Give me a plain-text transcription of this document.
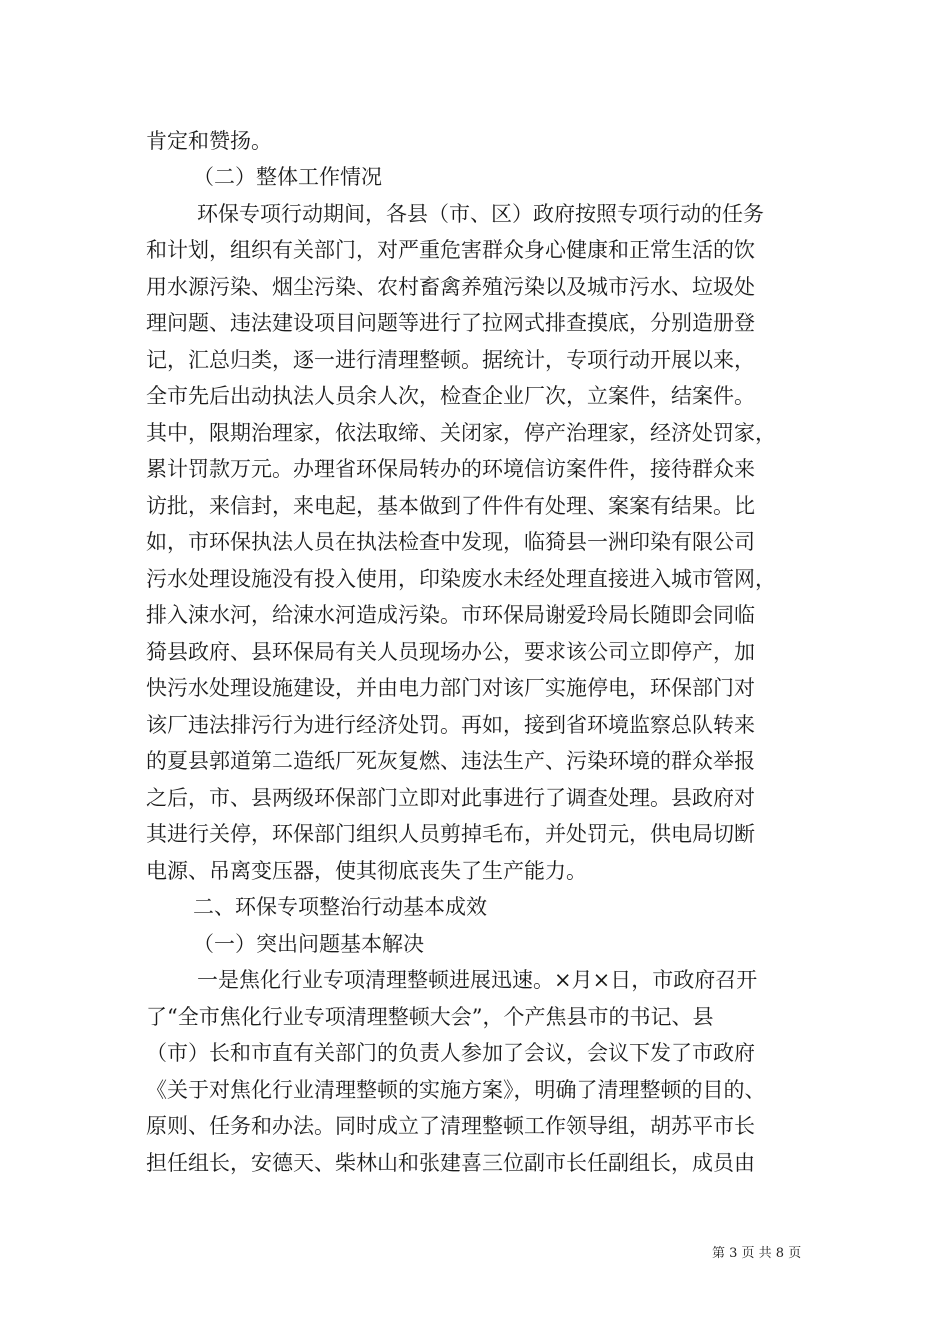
肯定和赞扬。
（二）整体工作情况
环保专项行动期间，各县（市、区）政府按照专项行动的任务
和计划，组织有关部门，对严重危害群众身心健康和正常生活的饮
用水源污染、烟尘污染、农村畜禽养殖污染以及城市污水、垃圾处
理问题、违法建设项目问题等进行了拉网式排查摸底，分别造册登
记，汇总归类，逐一进行清理整顿。据统计，专项行动开展以来，
全市先后出动执法人员余人次，检查企业厂次，立案件，结案件。
其中，限期治理家，依法取缔、关闭家，停产治理家，经济处罚家，
累计罚款万元。办理省环保局转办的环境信访案件件，接待群众来
访批，来信封，来电起，基本做到了件件有处理、案案有结果。比
如，市环保执法人员在执法检查中发现，临猗县一洲印染有限公司
污水处理设施没有投入使用，印染废水未经处理直接进入城市管网，
排入涑水河，给涑水河造成污染。市环保局谢爱玲局长随即会同临
猗县政府、县环保局有关人员现场办公，要求该公司立即停产，加
快污水处理设施建设，并由电力部门对该厂实施停电，环保部门对
该厂违法排污行为进行经济处罚。再如，接到省环境监察总队转来
的夏县郭道第二造纸厂死灰复燃、违法生产、污染环境的群众举报
之后，市、县两级环保部门立即对此事进行了调查处理。县政府对
其进行关停，环保部门组织人员剪掉毛布，并处罚元，供电局切断
电源、吊离变压器，使其彻底丧失了生产能力。
二、环保专项整治行动基本成效
（一）突出问题基本解决
一是焦化行业专项清理整顿进展迅速。×月×日，市政府召开
了“全市焦化行业专项清理整顿大会”，个产焦县市的书记、县
（市）长和市直有关部门的负责人参加了会议，会议下发了市政府
《关于对焦化行业清理整顿的实施方案》，明确了清理整顿的目的、
原则、任务和办法。同时成立了清理整顿工作领导组，胡苏平市长
担任组长，安德天、柴林山和张建喜三位副市长任副组长，成员由
第 3 页 共 8 页
